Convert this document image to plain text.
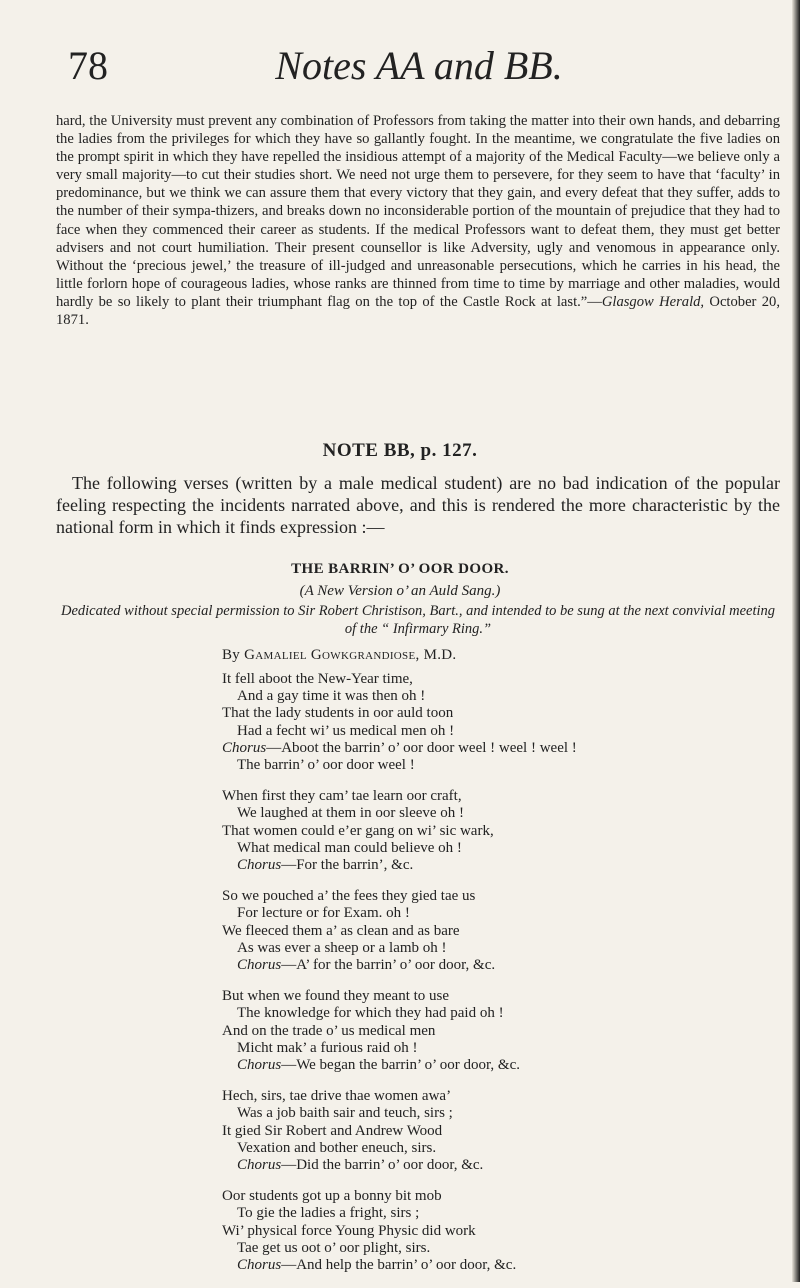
78	Notes AA and BB.

hard, the University must prevent any combination of Professors from taking the matter into their own hands, and debarring the ladies from the privileges for which they have so gallantly fought. In the meantime, we congratulate the five ladies on the prompt spirit in which they have repelled the insidious attempt of a majority of the Medical Faculty—we believe only a very small majority—to cut their studies short. We need not urge them to persevere, for they seem to have that ‘faculty’ in predominance, but we think we can assure them that every victory that they gain, and every defeat that they suffer, adds to the number of their sympa-thizers, and breaks down no inconsiderable portion of the mountain of prejudice that they had to face when they commenced their career as students. If the medical Professors want to defeat them, they must get better advisers and not court humiliation. Their present counsellor is like Adversity, ugly and venomous in appearance only. Without the ‘precious jewel,’ the treasure of ill-judged and unreasonable persecutions, which he carries in his head, the little forlorn hope of courageous ladies, whose ranks are thinned from time to time by marriage and other maladies, would hardly be so likely to plant their triumphant flag on the top of the Castle Rock at last.”—Glasgow Herald, October 20, 1871.

NOTE BB, p. 127.

The following verses (written by a male medical student) are no bad indication of the popular feeling respecting the incidents narrated above, and this is rendered the more characteristic by the national form in which it finds expression :—

THE BARRIN’ O’ OOR DOOR.
(A New Version o’ an Auld Sang.)

Dedicated without special permission to Sir Robert Christison, Bart., and intended to be sung at the next convivial meeting of the “ Infirmary Ring.”

By Gamaliel Gowkgrandiose, M.D.

It fell aboot the New-Year time,
And a gay time it was then oh !
That the lady students in oor auld toon
Had a fecht wi’ us medical men oh !
Chorus—Aboot the barrin’ o’ oor door weel ! weel ! weel !
The barrin’ o’ oor door weel !
When first they cam’ tae learn oor craft,
We laughed at them in oor sleeve oh !
That women could e’er gang on wi’ sic wark,
What medical man could believe oh !
Chorus—For the barrin’, &c.
So we pouched a’ the fees they gied tae us
For lecture or for Exam. oh !
We fleeced them a’ as clean and as bare
As was ever a sheep or a lamb oh !
Chorus—A’ for the barrin’ o’ oor door, &c.
But when we found they meant to use
The knowledge for which they had paid oh !
And on the trade o’ us medical men
Micht mak’ a furious raid oh !
Chorus—We began the barrin’ o’ oor door, &c.
Hech, sirs, tae drive thae women awa’
Was a job baith sair and teuch, sirs ;
It gied Sir Robert and Andrew Wood
Vexation and bother eneuch, sirs.
Chorus—Did the barrin’ o’ oor door, &c.
Oor students got up a bonny bit mob
To gie the ladies a fright, sirs ;
Wi’ physical force Young Physic did work
Tae get us oot o’ oor plight, sirs.
Chorus—And help the barrin’ o’ oor door, &c.
